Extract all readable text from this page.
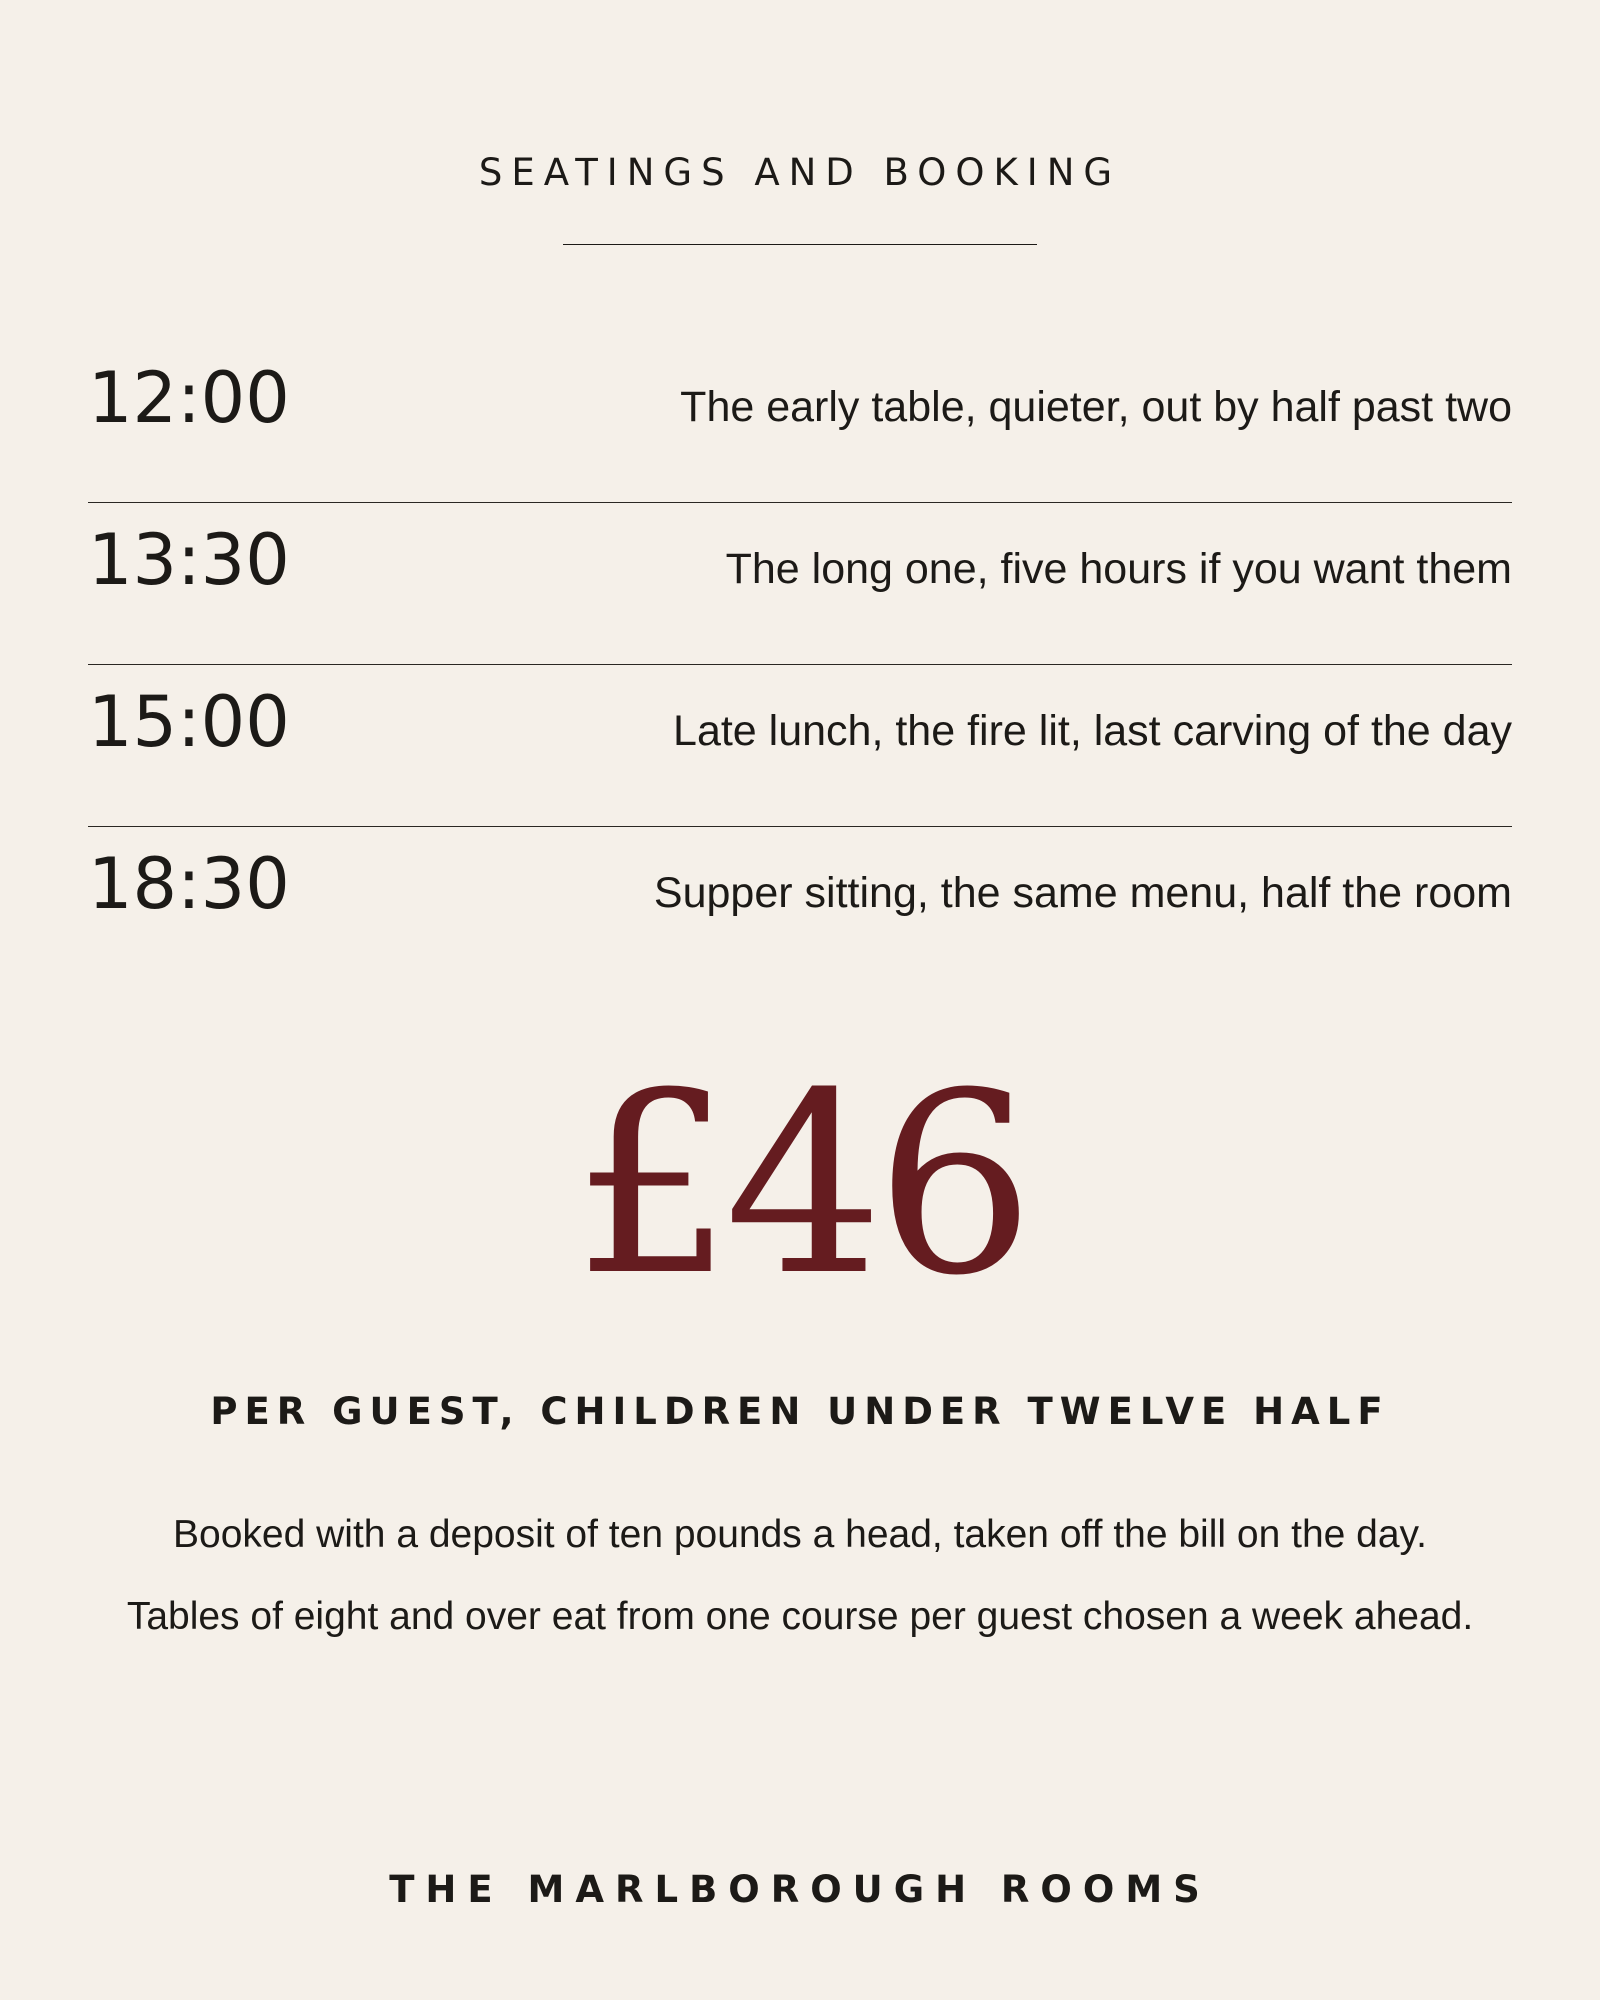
SEATINGS AND BOOKING
12:00	The early table, quieter, out by half past two
13:30	The long one, five hours if you want them
15:00	Late lunch, the fire lit, last carving of the day
18:30	Supper sitting, the same menu, half the room
£46
PER GUEST, CHILDREN UNDER TWELVE HALF

Booked with a deposit of ten pounds a head, taken off the bill on the day.

Tables of eight and over eat from one course per guest chosen a week ahead.

THE MARLBOROUGH ROOMS
